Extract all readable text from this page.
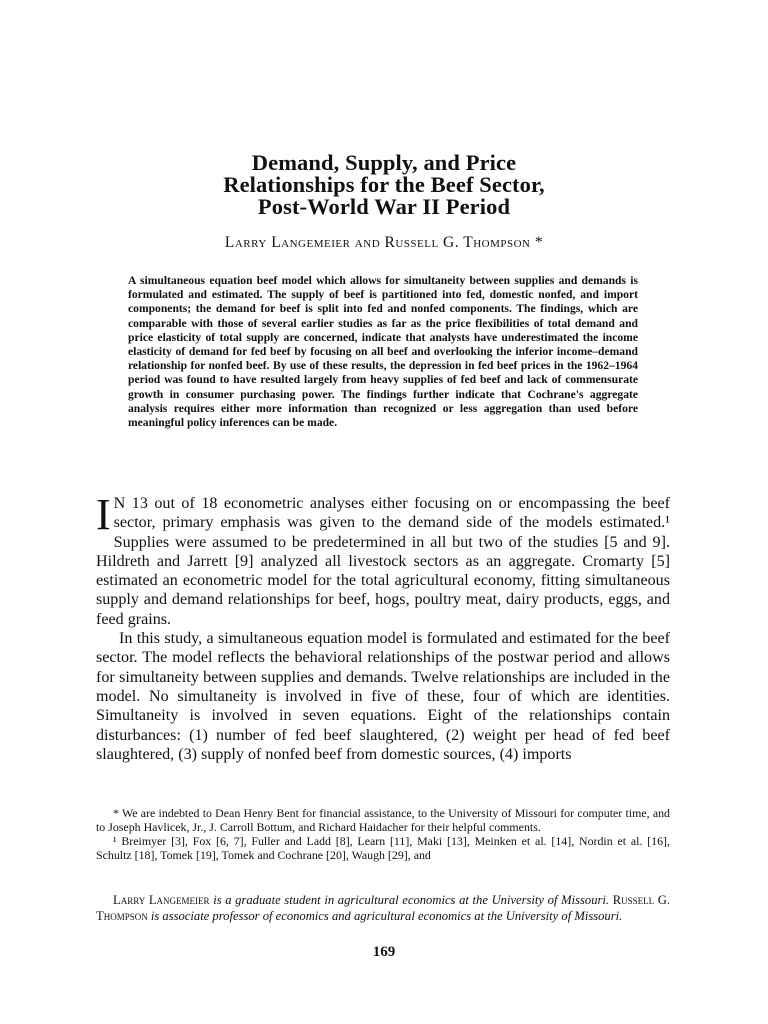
Demand, Supply, and Price
Relationships for the Beef Sector,
Post-World War II Period
Larry Langemeier and Russell G. Thompson *
A simultaneous equation beef model which allows for simultaneity between supplies and demands is formulated and estimated. The supply of beef is partitioned into fed, domestic nonfed, and import components; the demand for beef is split into fed and nonfed components. The findings, which are comparable with those of several earlier studies as far as the price flexibilities of total demand and price elasticity of total supply are concerned, indicate that analysts have underestimated the income elasticity of demand for fed beef by focusing on all beef and overlooking the inferior income–demand relationship for nonfed beef. By use of these results, the depression in fed beef prices in the 1962–1964 period was found to have resulted largely from heavy supplies of fed beef and lack of commensurate growth in consumer purchasing power. The findings further indicate that Cochrane's aggregate analysis requires either more information than recognized or less aggregation than used before meaningful policy inferences can be made.

I N 13 out of 18 econometric analyses either focusing on or encompassing the beef sector, primary emphasis was given to the demand side of the models estimated.¹ Supplies were assumed to be predetermined in all but two of the studies [5 and 9]. Hildreth and Jarrett [9] analyzed all livestock sectors as an aggregate. Cromarty [5] estimated an econometric model for the total agricultural economy, fitting simultaneous supply and demand relationships for beef, hogs, poultry meat, dairy products, eggs, and feed grains.

In this study, a simultaneous equation model is formulated and estimated for the beef sector. The model reflects the behavioral relationships of the postwar period and allows for simultaneity between supplies and demands. Twelve relationships are included in the model. No simultaneity is involved in five of these, four of which are identities. Simultaneity is involved in seven equations. Eight of the relationships contain disturbances: (1) number of fed beef slaughtered, (2) weight per head of fed beef slaughtered, (3) supply of nonfed beef from domestic sources, (4) imports

* We are indebted to Dean Henry Bent for financial assistance, to the University of Missouri for computer time, and to Joseph Havlicek, Jr., J. Carroll Bottum, and Richard Haidacher for their helpful comments.

¹ Breimyer [3], Fox [6, 7], Fuller and Ladd [8], Learn [11], Maki [13], Meinken et al. [14], Nordin et al. [16], Schultz [18], Tomek [19], Tomek and Cochrane [20], Waugh [29], and

Larry Langemeier is a graduate student in agricultural economics at the University of Missouri. Russell G. Thompson is associate professor of economics and agricultural economics at the University of Missouri.

169
